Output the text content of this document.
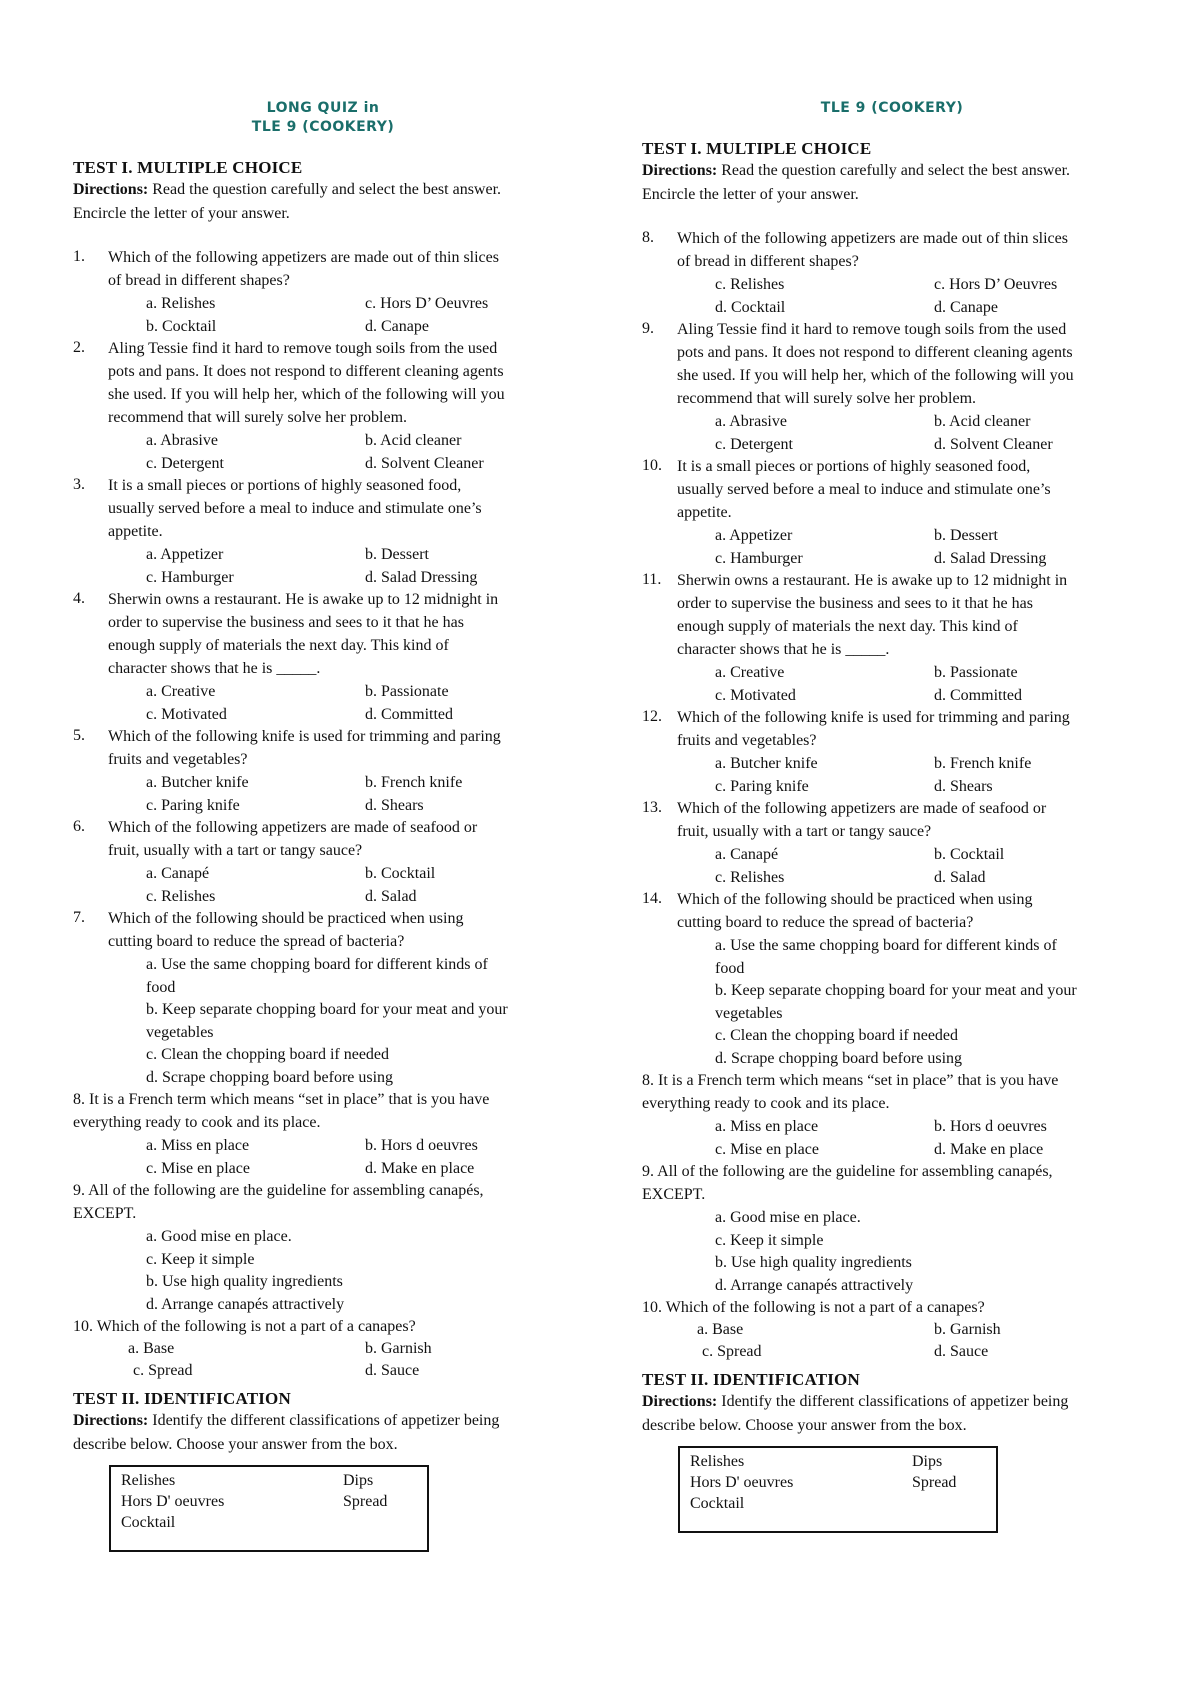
LONG QUIZ in
TLE 9 (COOKERY)
TEST I. MULTIPLE CHOICE
Directions: Read the question carefully and select the best answer.
Encircle the letter of your answer.
1. Which of the following appetizers are made out of thin slices
of bread in different shapes?
a. Relishes	c. Hors D’ Oeuvres
b. Cocktail	d. Canape
2. Aling Tessie find it hard to remove tough soils from the used
pots and pans. It does not respond to different cleaning agents
she used. If you will help her, which of the following will you
recommend that will surely solve her problem.
a. Abrasive	b. Acid cleaner
c. Detergent	d. Solvent Cleaner
3. It is a small pieces or portions of highly seasoned food,
usually served before a meal to induce and stimulate one’s
appetite.
a. Appetizer	b. Dessert
c. Hamburger	d. Salad Dressing
4. Sherwin owns a restaurant. He is awake up to 12 midnight in
order to supervise the business and sees to it that he has
enough supply of materials the next day. This kind of
character shows that he is _____.
a. Creative	b. Passionate
c. Motivated	d. Committed
5. Which of the following knife is used for trimming and paring
fruits and vegetables?
a. Butcher knife	b. French knife
c. Paring knife	d. Shears
6. Which of the following appetizers are made of seafood or
fruit, usually with a tart or tangy sauce?
a. Canapé	b. Cocktail
c. Relishes	d. Salad
7. Which of the following should be practiced when using
cutting board to reduce the spread of bacteria?
a. Use the same chopping board for different kinds of
food
b. Keep separate chopping board for your meat and your
vegetables
c. Clean the chopping board if needed
d. Scrape chopping board before using
8. It is a French term which means “set in place” that is you have
everything ready to cook and its place.
a. Miss en place	b. Hors d oeuvres
c. Mise en place	d. Make en place
9. All of the following are the guideline for assembling canapés,
EXCEPT.
a. Good mise en place.
c. Keep it simple
b. Use high quality ingredients
d. Arrange canapés attractively
10. Which of the following is not a part of a canapes?
a. Base	b. Garnish
c. Spread	d. Sauce
TEST II. IDENTIFICATION
Directions: Identify the different classifications of appetizer being
describe below. Choose your answer from the box.
Relishes	Dips
Hors D' oeuvres	Spread
Cocktail
TLE 9 (COOKERY)
TEST I. MULTIPLE CHOICE
Directions: Read the question carefully and select the best answer.
Encircle the letter of your answer.
8. Which of the following appetizers are made out of thin slices
of bread in different shapes?
c. Relishes	c. Hors D’ Oeuvres
d. Cocktail	d. Canape
9. Aling Tessie find it hard to remove tough soils from the used
pots and pans. It does not respond to different cleaning agents
she used. If you will help her, which of the following will you
recommend that will surely solve her problem.
a. Abrasive	b. Acid cleaner
c. Detergent	d. Solvent Cleaner
10. It is a small pieces or portions of highly seasoned food,
usually served before a meal to induce and stimulate one’s
appetite.
a. Appetizer	b. Dessert
c. Hamburger	d. Salad Dressing
11. Sherwin owns a restaurant. He is awake up to 12 midnight in
order to supervise the business and sees to it that he has
enough supply of materials the next day. This kind of
character shows that he is _____.
a. Creative	b. Passionate
c. Motivated	d. Committed
12. Which of the following knife is used for trimming and paring
fruits and vegetables?
a. Butcher knife	b. French knife
c. Paring knife	d. Shears
13. Which of the following appetizers are made of seafood or
fruit, usually with a tart or tangy sauce?
a. Canapé	b. Cocktail
c. Relishes	d. Salad
14. Which of the following should be practiced when using
cutting board to reduce the spread of bacteria?
a. Use the same chopping board for different kinds of
food
b. Keep separate chopping board for your meat and your
vegetables
c. Clean the chopping board if needed
d. Scrape chopping board before using
8. It is a French term which means “set in place” that is you have
everything ready to cook and its place.
a. Miss en place	b. Hors d oeuvres
c. Mise en place	d. Make en place
9. All of the following are the guideline for assembling canapés,
EXCEPT.
a. Good mise en place.
c. Keep it simple
b. Use high quality ingredients
d. Arrange canapés attractively
10. Which of the following is not a part of a canapes?
a. Base	b. Garnish
c. Spread	d. Sauce
TEST II. IDENTIFICATION
Directions: Identify the different classifications of appetizer being
describe below. Choose your answer from the box.
Relishes	Dips
Hors D' oeuvres	Spread
Cocktail
